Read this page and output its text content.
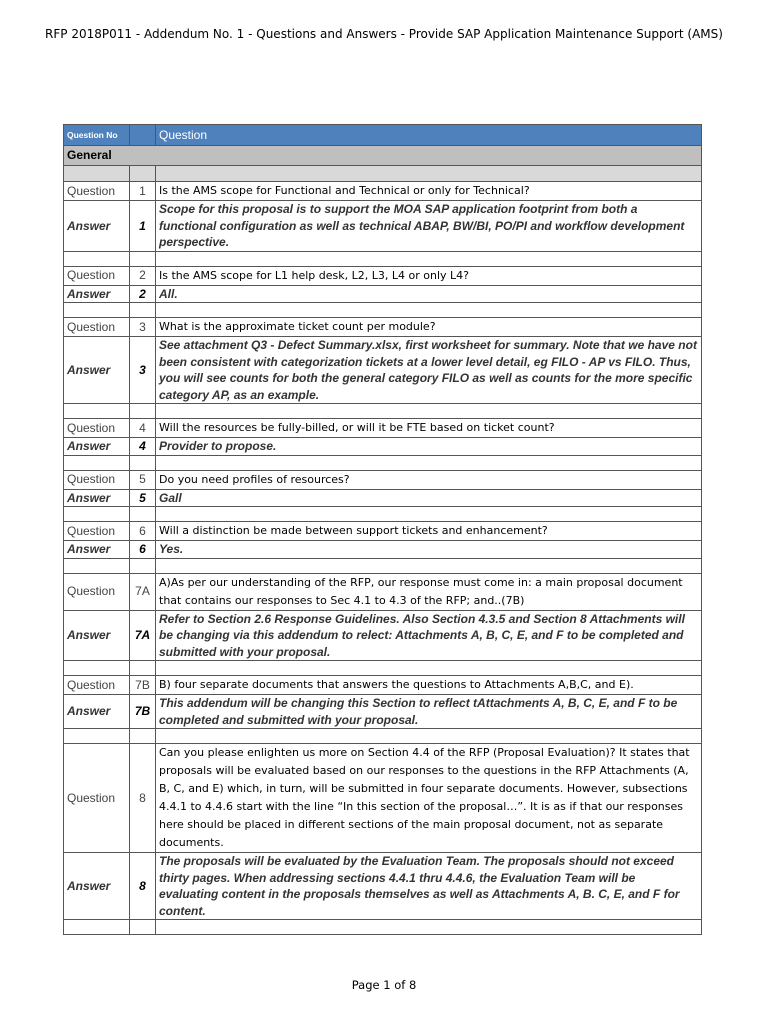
RFP 2018P011 - Addendum No. 1 - Questions and Answers - Provide SAP Application Maintenance Support (AMS)
Question No		Question
General		

Question	1	Is the AMS scope for Functional and Technical or only for Technical?
Answer	1	Scope for this proposal is to support the MOA SAP application footprint from both a functional configuration as well as technical ABAP, BW/BI, PO/PI and workflow development perspective.

Question	2	Is the AMS scope for L1 help desk, L2, L3, L4 or only L4?
Answer	2	All.

Question	3	What is the approximate ticket count per module?
Answer	3	See attachment Q3 - Defect Summary.xlsx, first worksheet for summary. Note that we have not been consistent with categorization tickets at a lower level detail, eg FILO - AP vs FILO. Thus, you will see counts for both the general category FILO as well as counts for the more specific category AP, as an example.

Question	4	Will the resources be fully-billed, or will it be FTE based on ticket count?
Answer	4	Provider to propose.

Question	5	Do you need profiles of resources?
Answer	5	Gall

Question	6	Will a distinction be made between support tickets and enhancement?
Answer	6	Yes.

Question	7A	A)As per our understanding of the RFP, our response must come in: a main proposal document that contains our responses to Sec 4.1 to 4.3 of the RFP; and..(7B)
Answer	7A	Refer to Section 2.6 Response Guidelines. Also Section 4.3.5 and Section 8 Attachments will be changing via this addendum to relect: Attachments A, B, C, E, and F to be completed and submitted with your proposal.

Question	7B	B) four separate documents that answers the questions to Attachments A,B,C, and E).
Answer	7B	This addendum will be changing this Section to reflect tAttachments A, B, C, E, and F to be completed and submitted with your proposal.

Question	8	Can you please enlighten us more on Section 4.4 of the RFP (Proposal Evaluation)? It states that proposals will be evaluated based on our responses to the questions in the RFP Attachments (A, B, C, and E) which, in turn, will be submitted in four separate documents. However, subsections 4.4.1 to 4.4.6 start with the line “In this section of the proposal…”. It is as if that our responses here should be placed in different sections of the main proposal document, not as separate documents.
Answer	8	The proposals will be evaluated by the Evaluation Team. The proposals should not exceed thirty pages. When addressing sections 4.4.1 thru 4.4.6, the Evaluation Team will be evaluating content in the proposals themselves as well as Attachments A, B. C, E, and F for content.

Page 1 of 8
